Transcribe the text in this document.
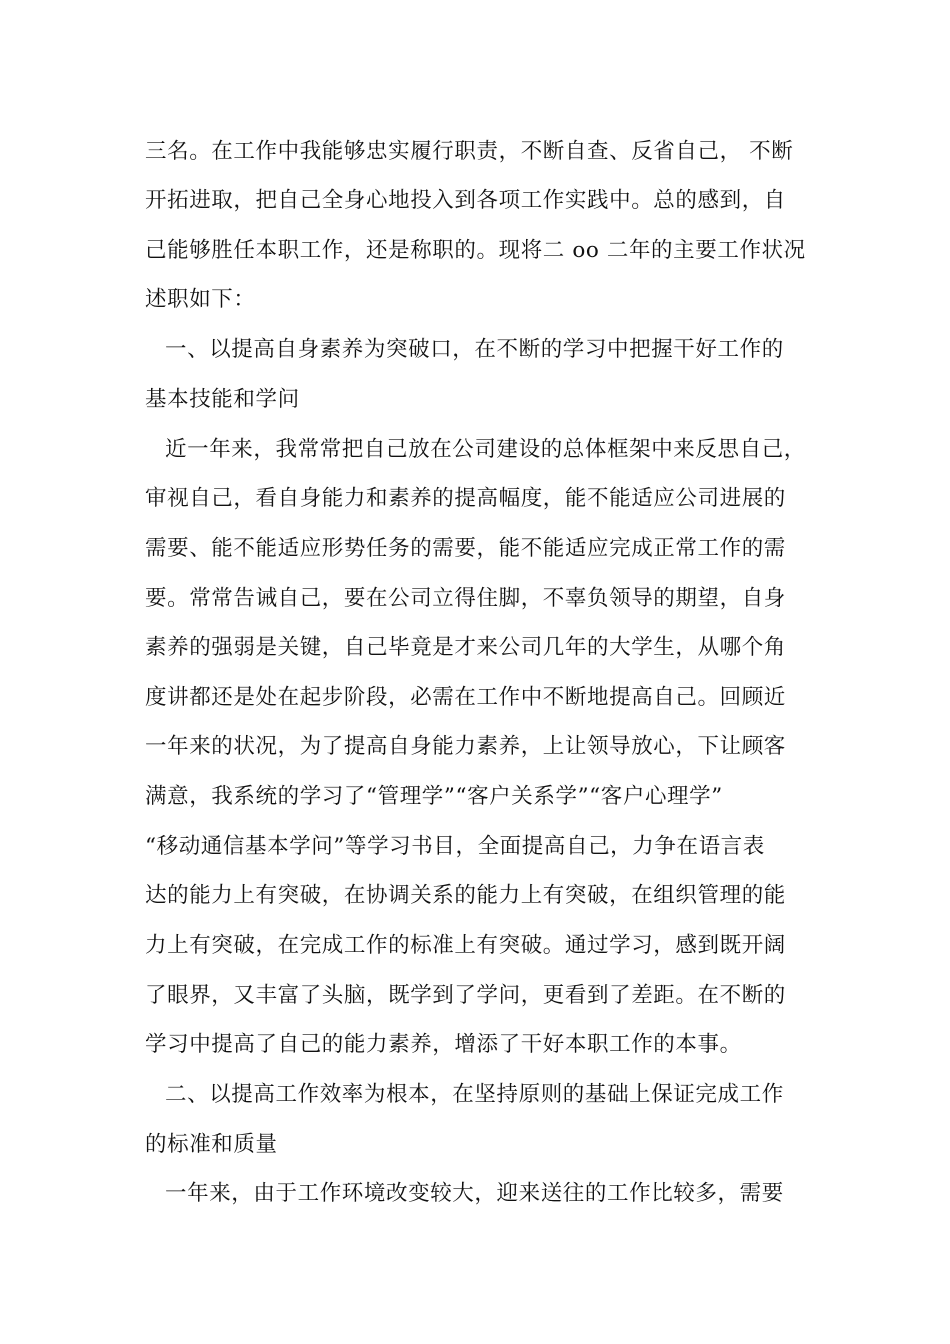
三名。在工作中我能够忠实履行职责，不断自查、反省自己， 不断
开拓进取，把自己全身心地投入到各项工作实践中。总的感到，自
己能够胜任本职工作，还是称职的。现将二 oo 二年的主要工作状况
述职如下：
一、以提高自身素养为突破口，在不断的学习中把握干好工作的
基本技能和学问
近一年来，我常常把自己放在公司建设的总体框架中来反思自己，
审视自己，看自身能力和素养的提高幅度，能不能适应公司进展的
需要、能不能适应形势任务的需要，能不能适应完成正常工作的需
要。常常告诫自己，要在公司立得住脚，不辜负领导的期望，自身
素养的强弱是关键，自己毕竟是才来公司几年的大学生，从哪个角
度讲都还是处在起步阶段，必需在工作中不断地提高自己。回顾近
一年来的状况，为了提高自身能力素养，上让领导放心，下让顾客
满意，我系统的学习了“管理学”“客户关系学”“客户心理学”
“移动通信基本学问”等学习书目，全面提高自己，力争在语言表
达的能力上有突破，在协调关系的能力上有突破，在组织管理的能
力上有突破，在完成工作的标准上有突破。通过学习，感到既开阔
了眼界，又丰富了头脑，既学到了学问，更看到了差距。在不断的
学习中提高了自己的能力素养，增添了干好本职工作的本事。
二、以提高工作效率为根本，在坚持原则的基础上保证完成工作
的标准和质量
一年来，由于工作环境改变较大，迎来送往的工作比较多，需要
